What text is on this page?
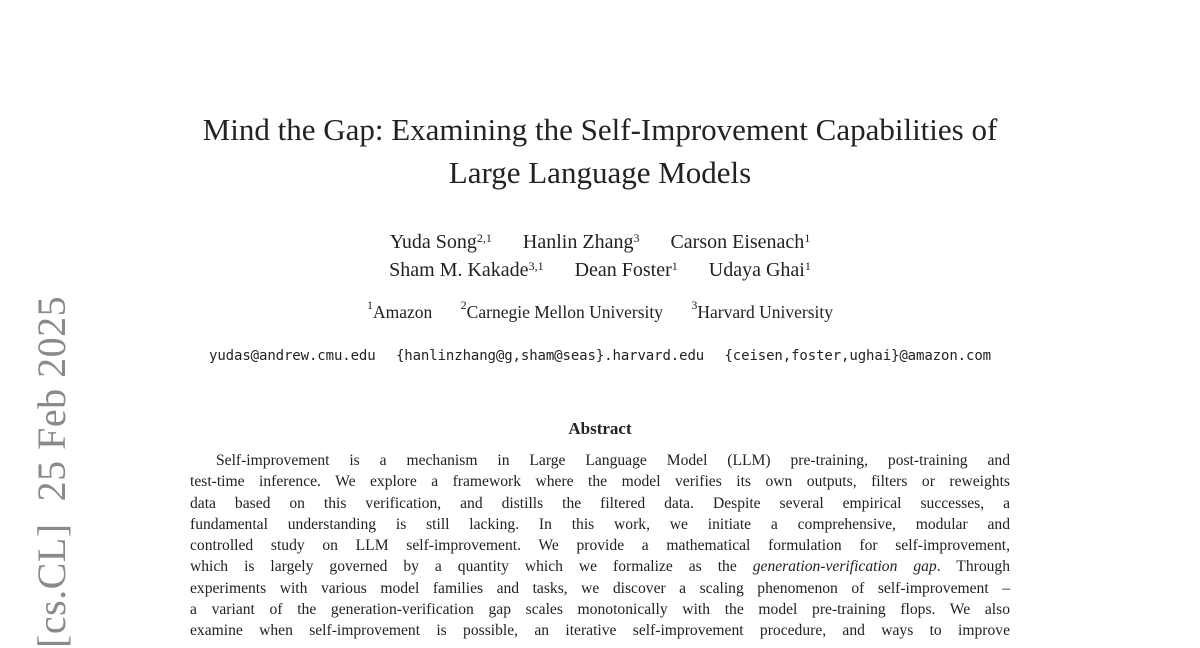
[cs.CL]25 Feb 2025
Mind the Gap: Examining the Self-Improvement Capabilities of
Large Language Models
Yuda Song$^{2,1}$ Hanlin Zhang$^3$ Carson Eisenach$^1$
Sham M. Kakade$^{3,1}$ Dean Foster$^1$ Udaya Ghai$^1$
$^1$Amazon $^2$Carnegie Mellon University $^3$Harvard University
yudas@andrew.cmu.edu {hanlinzhang@g,sham@seas}.harvard.edu {ceisen,foster,ughai}@amazon.com
Abstract
Self-improvement is a mechanism in Large Language Model (LLM) pre-training, post-training and
test-time inference. We explore a framework where the model verifies its own outputs, filters or reweights
data based on this verification, and distills the filtered data. Despite several empirical successes, a
fundamental understanding is still lacking. In this work, we initiate a comprehensive, modular and
controlled study on LLM self-improvement. We provide a mathematical formulation for self-improvement,
which is largely governed by a quantity which we formalize as the generation-verification gap. Through
experiments with various model families and tasks, we discover a scaling phenomenon of self-improvement –
a variant of the generation-verification gap scales monotonically with the model pre-training flops. We also
examine when self-improvement is possible, an iterative self-improvement procedure, and ways to improve
